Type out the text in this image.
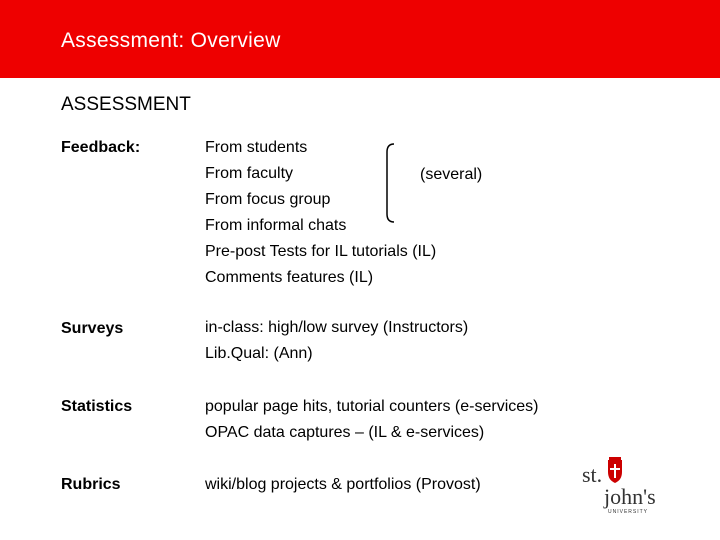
Assessment: Overview
ASSESSMENT
Feedback:	From students
From faculty
From focus group
From informal chats
Pre-post Tests for IL tutorials (IL)
Comments features (IL)
(several)
Surveys	in-class: high/low survey (Instructors)
Lib.Qual: (Ann)
Statistics	popular page hits, tutorial counters (e-services)
OPAC data captures – (IL & e-services)
Rubrics	wiki/blog projects & portfolios (Provost)	st.
john's
UNIVERSITY
